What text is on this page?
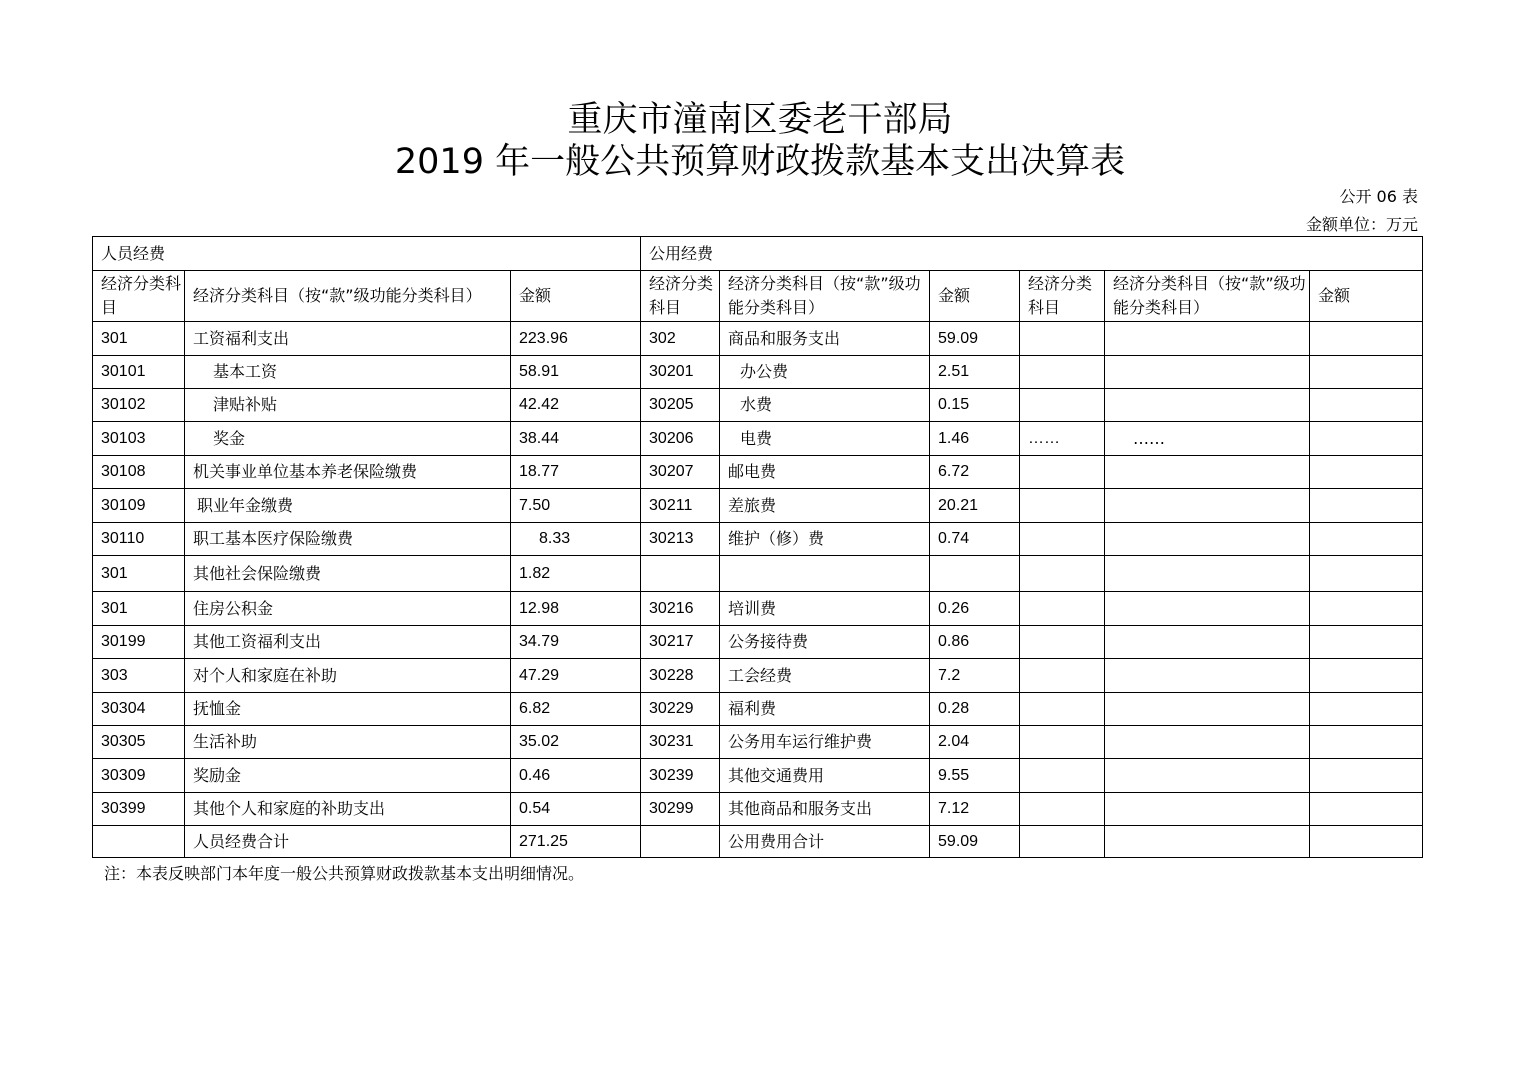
重庆市潼南区委老干部局
2019 年一般公共预算财政拨款基本支出决算表
公开 06 表
金额单位：万元
人员经费			公用经费					
经济分类科目	经济分类科目（按“款”级功能分类科目）	金额	经济分类科目	经济分类科目（按“款”级功能分类科目）	金额	经济分类科目	经济分类科目（按“款”级功能分类科目）	金额
301	工资福利支出	223.96	302	商品和服务支出	59.09			
30101	基本工资	58.91	30201	办公费	2.51			
30102	津贴补贴	42.42	30205	水费	0.15			
30103	奖金	38.44	30206	电费	1.46	……	……	
30108	机关事业单位基本养老保险缴费	18.77	30207	邮电费	6.72			
30109	职业年金缴费	7.50	30211	差旅费	20.21			
30110	职工基本医疗保险缴费	8.33	30213	维护（修）费	0.74			
301	其他社会保险缴费	1.82						
301	住房公积金	12.98	30216	培训费	0.26			
30199	其他工资福利支出	34.79	30217	公务接待费	0.86			
303	对个人和家庭在补助	47.29	30228	工会经费	7.2			
30304	抚恤金	6.82	30229	福利费	0.28			
30305	生活补助	35.02	30231	公务用车运行维护费	2.04			
30309	奖励金	0.46	30239	其他交通费用	9.55			
30399	其他个人和家庭的补助支出	0.54	30299	其他商品和服务支出	7.12			
	人员经费合计	271.25		公用费用合计	59.09			
注：本表反映部门本年度一般公共预算财政拨款基本支出明细情况。
